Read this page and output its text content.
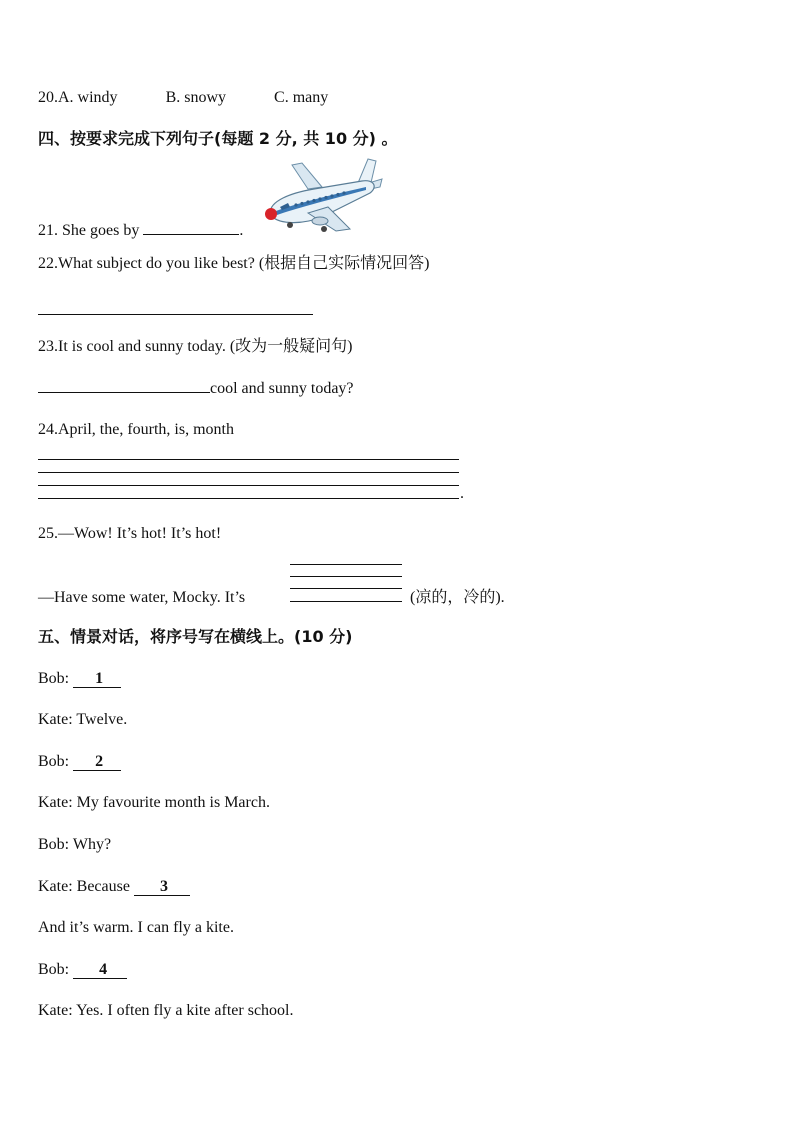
20.A. windy	B. snowy	C. many
四、按要求完成下列句子(每题 2 分, 共 10 分) 。
21. She goes by	.
22.What subject do you like best? (根据自己实际情况回答)
23.It is cool and sunny today. (改为一般疑问句)
cool and sunny today?
24.April, the, fourth, is, month
.
25.—Wow! It’s hot! It’s hot!
—Have some water, Mocky. It’s	(凉的，冷的).
五、情景对话，将序号写在横线上。(10 分)
Bob: 1
Kate: Twelve.
Bob: 2
Kate: My favourite month is March.
Bob: Why?
Kate: Because 3
And it’s warm. I can fly a kite.
Bob: 4
Kate: Yes. I often fly a kite after school.
